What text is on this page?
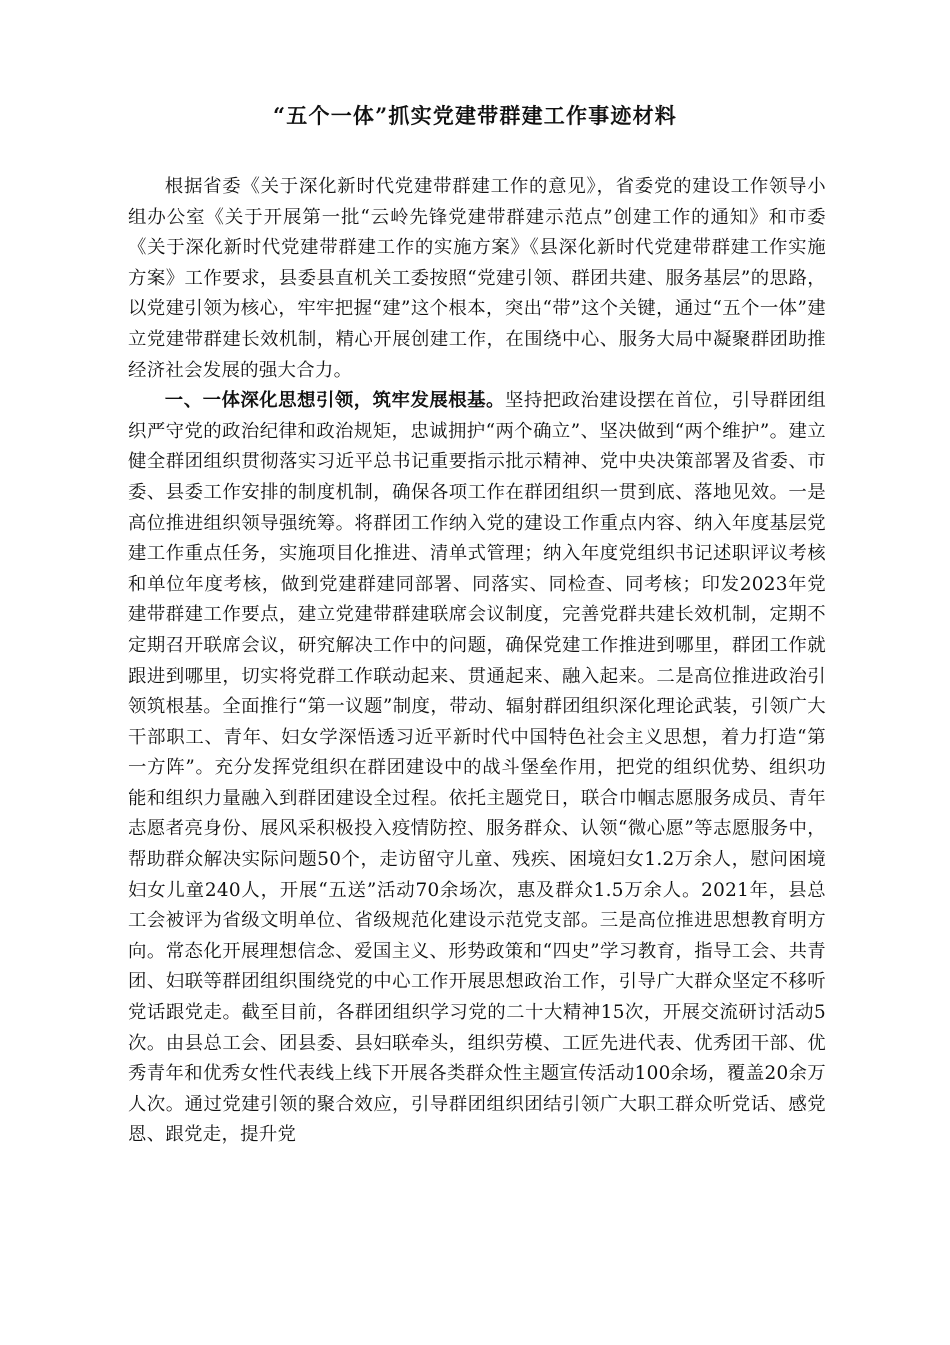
“五个一体”抓实党建带群建工作事迹材料

根据省委《关于深化新时代党建带群建工作的意见》，省委党的建设工作领导小组办公室《关于开展第一批“云岭先锋党建带群建示范点”创建工作的通知》和市委《关于深化新时代党建带群建工作的实施方案》《县深化新时代党建带群建工作实施方案》工作要求，县委县直机关工委按照“党建引领、群团共建、服务基层”的思路，以党建引领为核心，牢牢把握“建”这个根本，突出“带”这个关键，通过“五个一体”建立党建带群建长效机制，精心开展创建工作，在围绕中心、服务大局中凝聚群团助推经济社会发展的强大合力。

一、一体深化思想引领，筑牢发展根基。坚持把政治建设摆在首位，引导群团组织严守党的政治纪律和政治规矩，忠诚拥护“两个确立”、坚决做到“两个维护”。建立健全群团组织贯彻落实习近平总书记重要指示批示精神、党中央决策部署及省委、市委、县委工作安排的制度机制，确保各项工作在群团组织一贯到底、落地见效。一是高位推进组织领导强统筹。将群团工作纳入党的建设工作重点内容、纳入年度基层党建工作重点任务，实施项目化推进、清单式管理；纳入年度党组织书记述职评议考核和单位年度考核，做到党建群建同部署、同落实、同检查、同考核；印发2023年党建带群建工作要点，建立党建带群建联席会议制度，完善党群共建长效机制，定期不定期召开联席会议，研究解决工作中的问题，确保党建工作推进到哪里，群团工作就跟进到哪里，切实将党群工作联动起来、贯通起来、融入起来。二是高位推进政治引领筑根基。全面推行“第一议题”制度，带动、辐射群团组织深化理论武装，引领广大干部职工、青年、妇女学深悟透习近平新时代中国特色社会主义思想，着力打造“第一方阵”。充分发挥党组织在群团建设中的战斗堡垒作用，把党的组织优势、组织功能和组织力量融入到群团建设全过程。依托主题党日，联合巾帼志愿服务成员、青年志愿者亮身份、展风采积极投入疫情防控、服务群众、认领“微心愿”等志愿服务中，帮助群众解决实际问题50个，走访留守儿童、残疾、困境妇女1.2万余人，慰问困境妇女儿童240人，开展“五送”活动70余场次，惠及群众1.5万余人。2021年，县总工会被评为省级文明单位、省级规范化建设示范党支部。三是高位推进思想教育明方向。常态化开展理想信念、爱国主义、形势政策和“四史”学习教育，指导工会、共青团、妇联等群团组织围绕党的中心工作开展思想政治工作，引导广大群众坚定不移听党话跟党走。截至目前，各群团组织学习党的二十大精神15次，开展交流研讨活动5次。由县总工会、团县委、县妇联牵头，组织劳模、工匠先进代表、优秀团干部、优秀青年和优秀女性代表线上线下开展各类群众性主题宣传活动100余场，覆盖20余万人次。通过党建引领的聚合效应，引导群团组织团结引领广大职工群众听党话、感党恩、跟党走，提升党
